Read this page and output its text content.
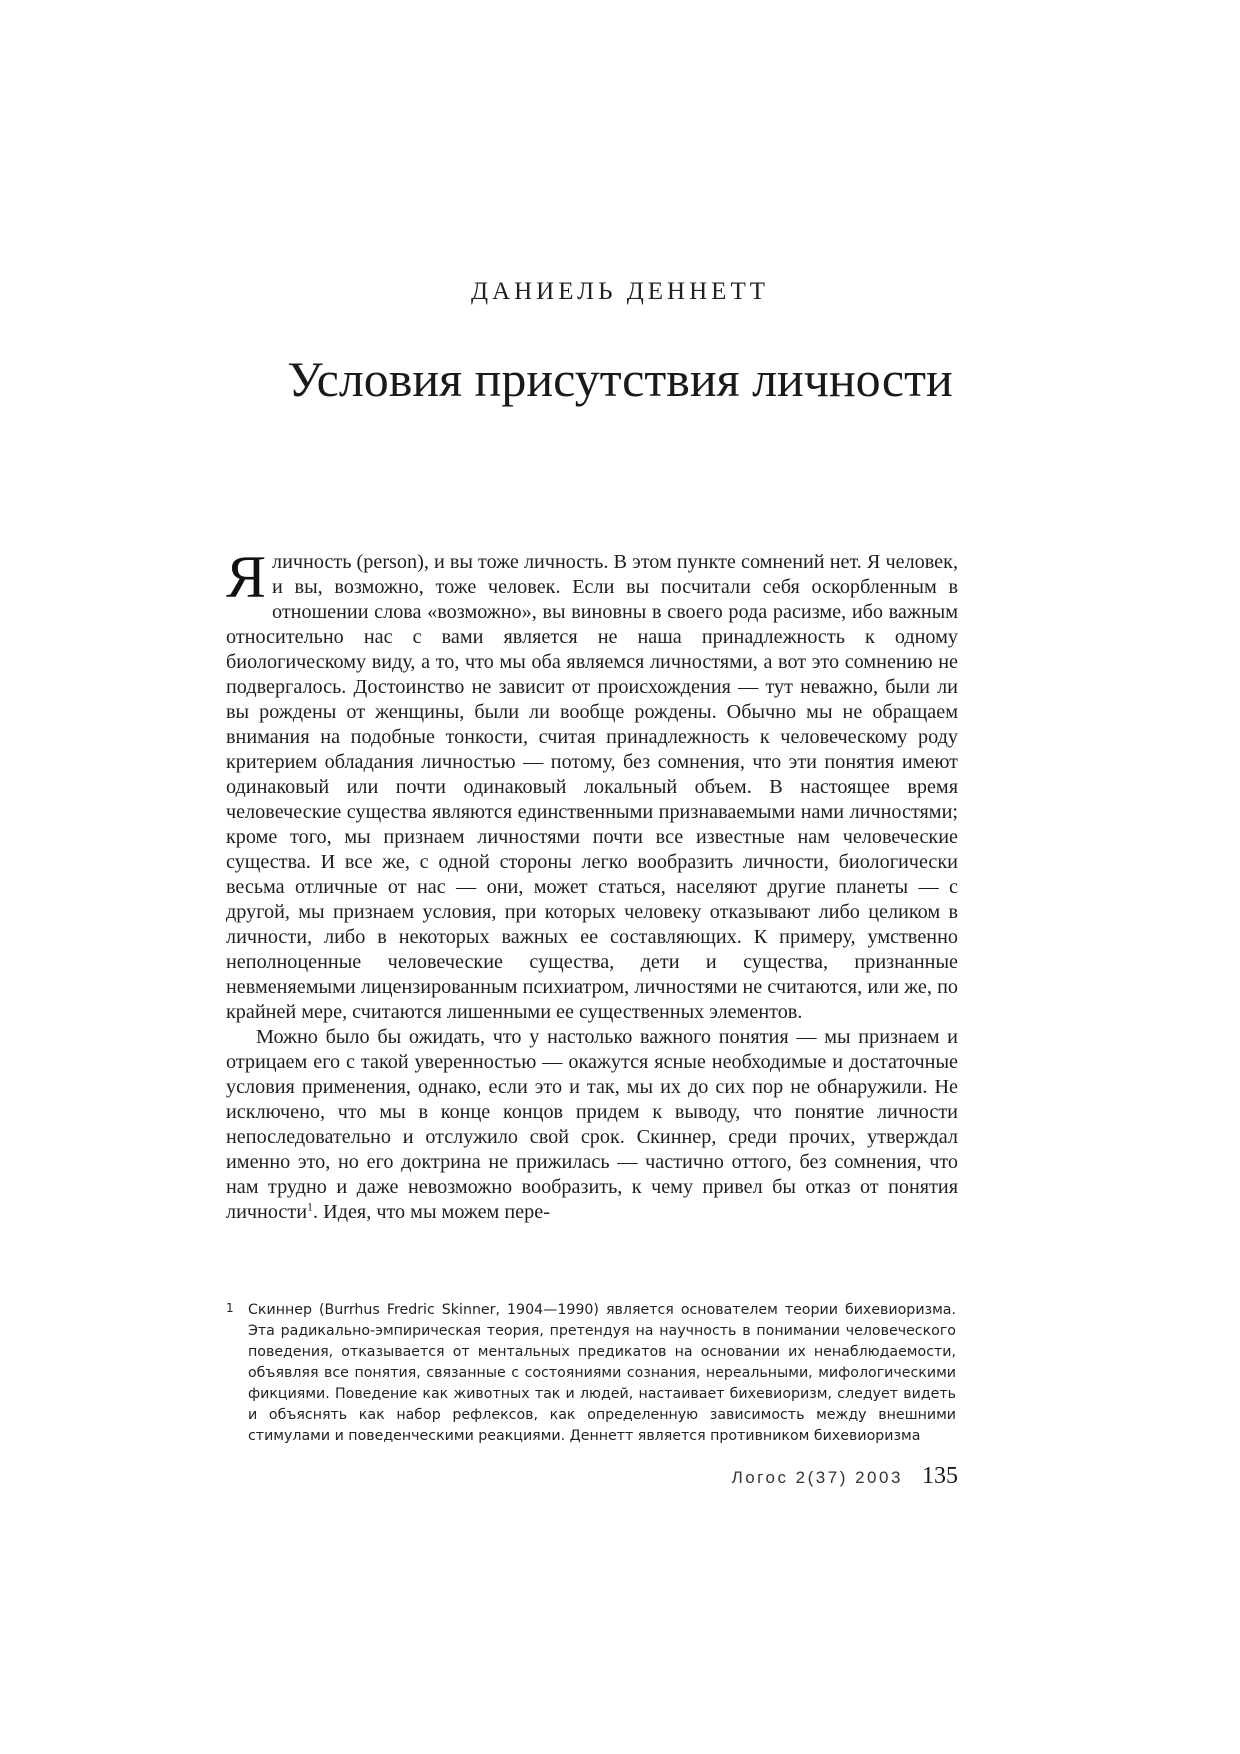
ДАНИЕЛЬ ДЕННЕТТ
Условия присутствия личности

Я личность (person), и вы тоже личность. В этом пункте сомнений нет. Я человек, и вы, возможно, тоже человек. Если вы посчитали себя оскорбленным в отношении слова «возможно», вы виновны в своего рода расизме, ибо важным относительно нас с вами является не наша принадлежность к одному биологическому виду, а то, что мы оба являемся личностями, а вот это сомнению не подвергалось. Достоинство не зависит от происхождения — тут неважно, были ли вы рождены от женщины, были ли вообще рождены. Обычно мы не обращаем внимания на подобные тонкости, считая принадлежность к человеческому роду критерием обладания личностью — потому, без сомнения, что эти понятия имеют одинаковый или почти одинаковый локальный объем. В настоящее время человеческие существа являются единственными признаваемыми нами личностями; кроме того, мы признаем личностями почти все известные нам человеческие существа. И все же, с одной стороны легко вообразить личности, биологически весьма отличные от нас — они, может статься, населяют другие планеты — с другой, мы признаем условия, при которых человеку отказывают либо целиком в личности, либо в некоторых важных ее составляющих. К примеру, умственно неполноценные человеческие существа, дети и существа, признанные невменяемыми лицензированным психиатром, личностями не считаются, или же, по крайней мере, считаются лишенными ее существенных элементов.

Можно было бы ожидать, что у настолько важного понятия — мы признаем и отрицаем его с такой уверенностью — окажутся ясные необходимые и достаточные условия применения, однако, если это и так, мы их до сих пор не обнаружили. Не исключено, что мы в конце концов придем к выводу, что понятие личности непоследовательно и отслужило свой срок. Скиннер, среди прочих, утверждал именно это, но его доктрина не прижилась — частично оттого, без сомнения, что нам трудно и даже невозможно вообразить, к чему привел бы отказ от понятия личности$^1$. Идея, что мы можем пере-

1 Скиннер (Burrhus Fredric Skinner, 1904—1990) является основателем теории бихевиоризма. Эта радикально-эмпирическая теория, претендуя на научность в понимании человеческого поведения, отказывается от ментальных предикатов на основании их ненаблюдаемости, объявляя все понятия, связанные с состояниями сознания, нереальными, мифологическими фикциями. Поведение как животных так и людей, настаивает бихевиоризм, следует видеть и объяснять как набор рефлексов, как определенную зависимость между внешними стимулами и поведенческими реакциями. Деннетт является противником бихевиоризма
Логос 2(37) 2003 135
